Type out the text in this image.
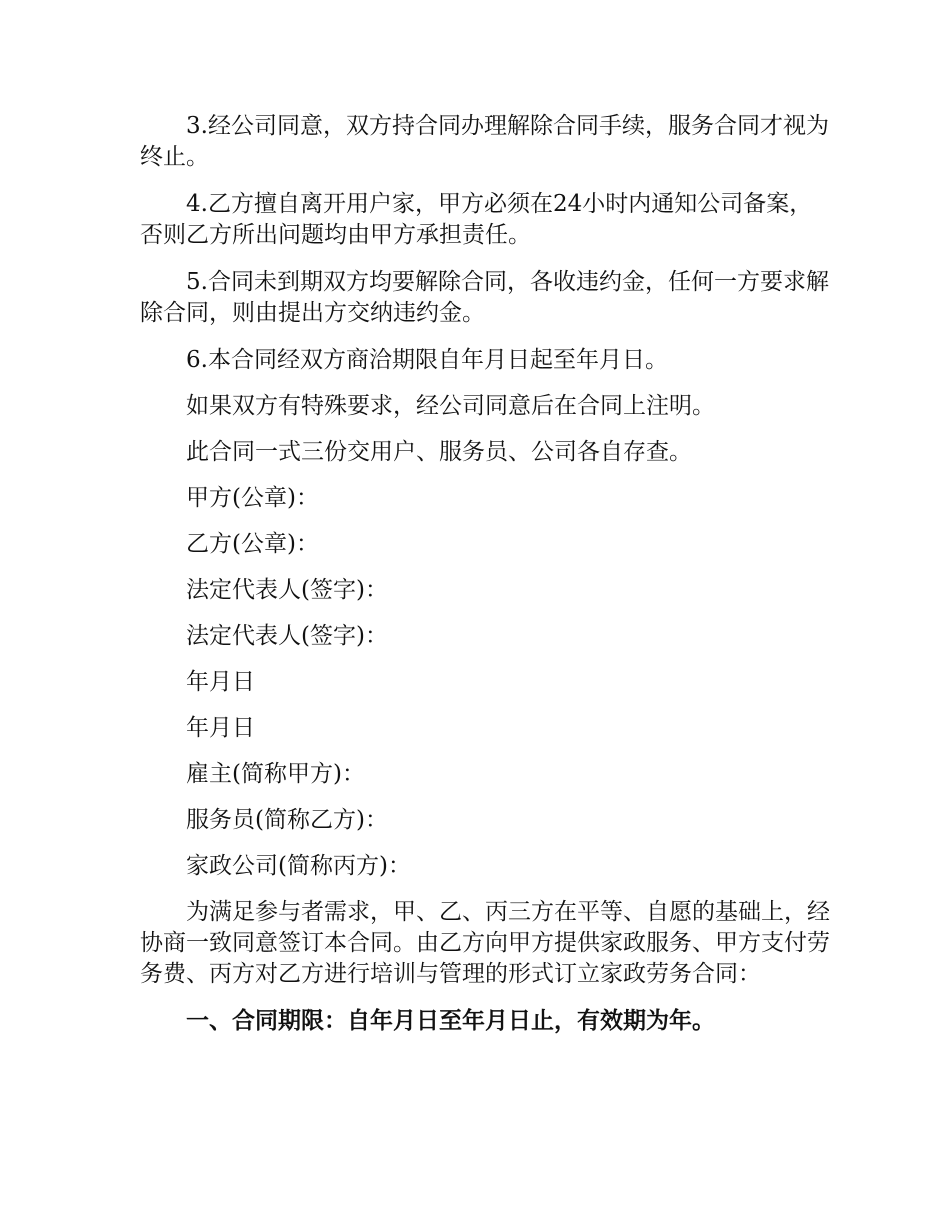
3.经公司同意，双方持合同办理解除合同手续，服务合同才视为终止。

4.乙方擅自离开用户家，甲方必须在24小时内通知公司备案，否则乙方所出问题均由甲方承担责任。

5.合同未到期双方均要解除合同，各收违约金，任何一方要求解除合同，则由提出方交纳违约金。

6.本合同经双方商洽期限自年月日起至年月日。

如果双方有特殊要求，经公司同意后在合同上注明。

此合同一式三份交用户、服务员、公司各自存查。

甲方(公章)：

乙方(公章)：

法定代表人(签字)：

法定代表人(签字)：

年月日

年月日

雇主(简称甲方)：

服务员(简称乙方)：

家政公司(简称丙方)：

为满足参与者需求，甲、乙、丙三方在平等、自愿的基础上，经协商一致同意签订本合同。由乙方向甲方提供家政服务、甲方支付劳务费、丙方对乙方进行培训与管理的形式订立家政劳务合同：

一、合同期限：自年月日至年月日止，有效期为年。
